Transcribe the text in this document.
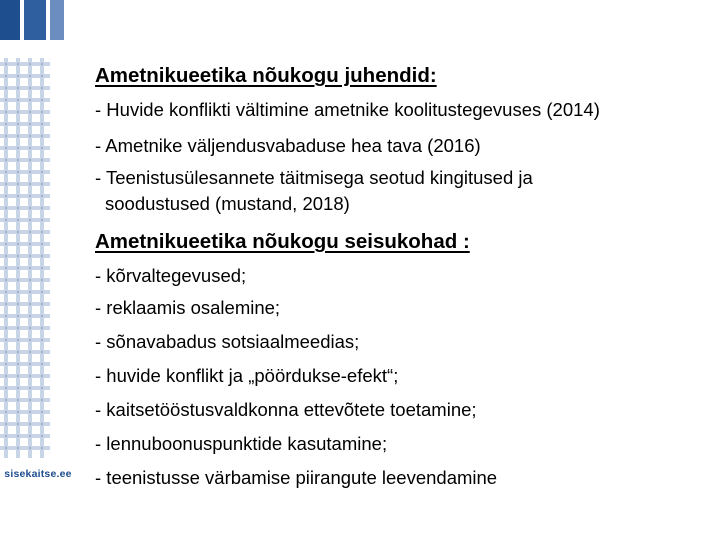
sisekaitse.ee
Ametnikueetika nõukogu juhendid:
- Huvide konflikti vältimine ametnike koolitustegevuses (2014)
- Ametnike väljendusvabaduse hea tava (2016)
- Teenistusülesannete täitmisega seotud kingitused ja
soodustused (mustand, 2018)
Ametnikueetika nõukogu seisukohad :
- kõrvaltegevused;
- reklaamis osalemine;
- sõnavabadus sotsiaalmeedias;
- huvide konflikt ja „pöördukse-efekt“;
- kaitsetööstusvaldkonna ettevõtete toetamine;
- lennuboonuspunktide kasutamine;
- teenistusse värbamise piirangute leevendamine
